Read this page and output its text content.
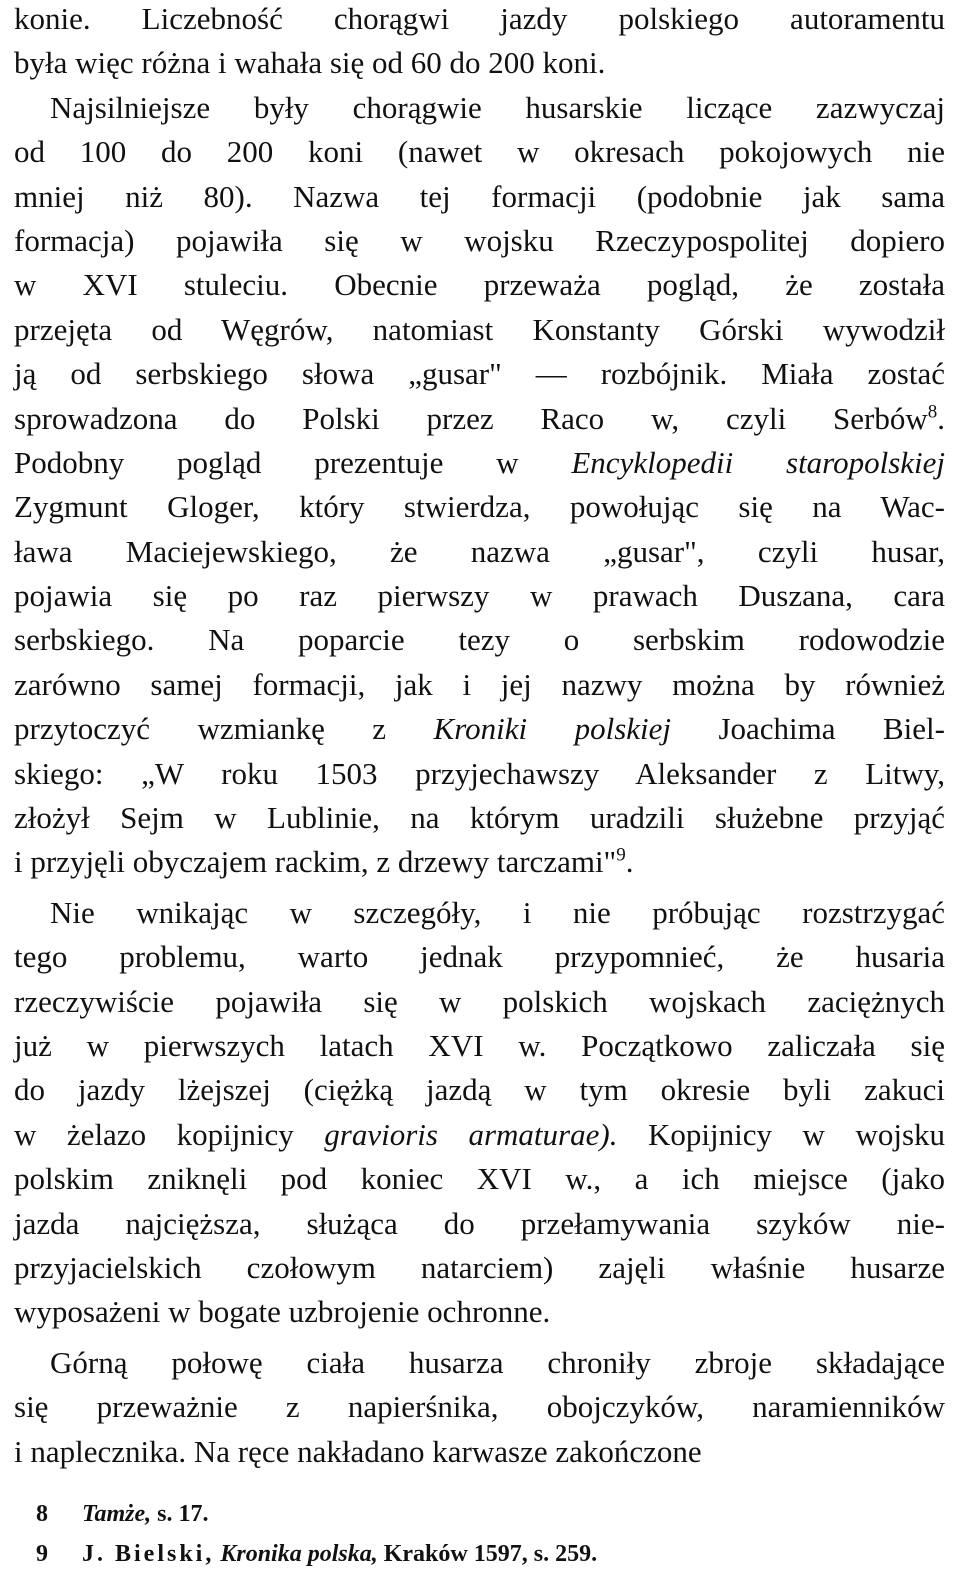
konie. Liczebność chorągwi jazdy polskiego autoramentu
była więc różna i wahała się od 60 do 200 koni.
Najsilniejsze były chorągwie husarskie liczące zazwyczaj
od 100 do 200 koni (nawet w okresach pokojowych nie
mniej niż 80). Nazwa tej formacji (podobnie jak sama
formacja) pojawiła się w wojsku Rzeczypospolitej dopiero
w XVI stuleciu. Obecnie przeważa pogląd, że została
przejęta od Węgrów, natomiast Konstanty Górski wywodził
ją od serbskiego słowa „gusar" — rozbójnik. Miała zostać
sprowadzona do Polski przez Raco w, czyli Serbów$^8$.
Podobny pogląd prezentuje w Encyklopedii staropolskiej
Zygmunt Gloger, który stwierdza, powołując się na Wac-
ława Maciejewskiego, że nazwa „gusar", czyli husar,
pojawia się po raz pierwszy w prawach Duszana, cara
serbskiego. Na poparcie tezy o serbskim rodowodzie
zarówno samej formacji, jak i jej nazwy można by również
przytoczyć wzmiankę z Kroniki polskiej Joachima Biel-
skiego: „W roku 1503 przyjechawszy Aleksander z Litwy,
złożył Sejm w Lublinie, na którym uradzili służebne przyjąć
i przyjęli obyczajem rackim, z drzewy tarczami"$^9$.
Nie wnikając w szczegóły, i nie próbując rozstrzygać
tego problemu, warto jednak przypomnieć, że husaria
rzeczywiście pojawiła się w polskich wojskach zaciężnych
już w pierwszych latach XVI w. Początkowo zaliczała się
do jazdy lżejszej (ciężką jazdą w tym okresie byli zakuci
w żelazo kopijnicy gravioris armaturae). Kopijnicy w wojsku
polskim zniknęli pod koniec XVI w., a ich miejsce (jako
jazda najcięższa, służąca do przełamywania szyków nie-
przyjacielskich czołowym natarciem) zajęli właśnie husarze
wyposażeni w bogate uzbrojenie ochronne.
Górną połowę ciała husarza chroniły zbroje składające
się przeważnie z napierśnika, obojczyków, naramienników
i naplecznika. Na ręce nakładano karwasze zakończone
8 Tamże, s. 17.
9 J. Bielski, Kronika polska, Kraków 1597, s. 259.
